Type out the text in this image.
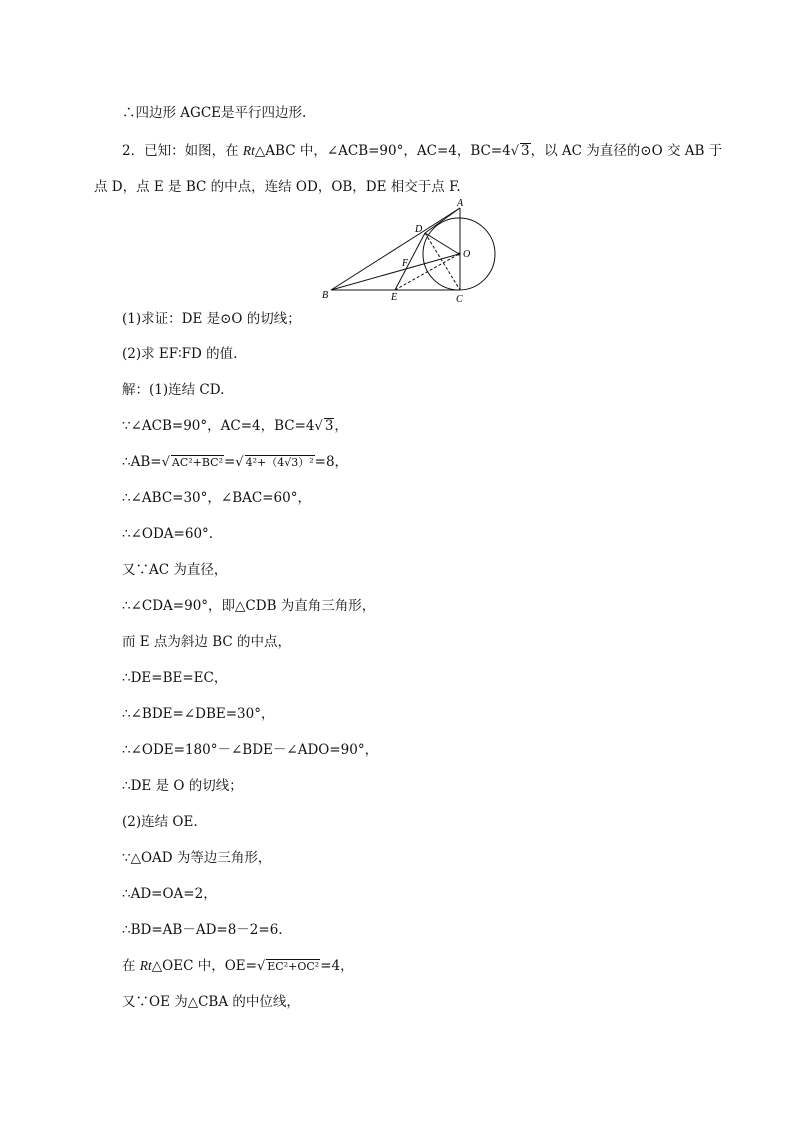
∴四边形 AGCE是平行四边形.
2．已知：如图，在 Rt△ABC 中，∠ACB=90°，AC=4，BC=4√ 3，以 AC 为直径的⊙O 交 AB 于
点 D，点 E 是 BC 的中点，连结 OD，OB，DE 相交于点 F.
B
A
C
D
E
F
O
(1)求证：DE 是⊙O 的切线；
(2)求 EF∶FD 的值.
解：(1)连结 CD.
∵∠ACB=90°，AC=4，BC=4√ 3，
∴AB=√ AC²+BC²=√ 4²+（4√3）²=8，
∴∠ABC=30°，∠BAC=60°，
∴∠ODA=60°.
又∵AC 为直径，
∴∠CDA=90°，即△CDB 为直角三角形，
而 E 点为斜边 BC 的中点，
∴DE=BE=EC，
∴∠BDE=∠DBE=30°，
∴∠ODE=180°－∠BDE－∠ADO=90°，
∴DE 是 O 的切线；
(2)连结 OE.
∵△OAD 为等边三角形，
∴AD=OA=2，
∴BD=AB－AD=8－2=6.
在 Rt△OEC 中，OE=√ EC²+OC²=4，
又∵OE 为△CBA 的中位线，
